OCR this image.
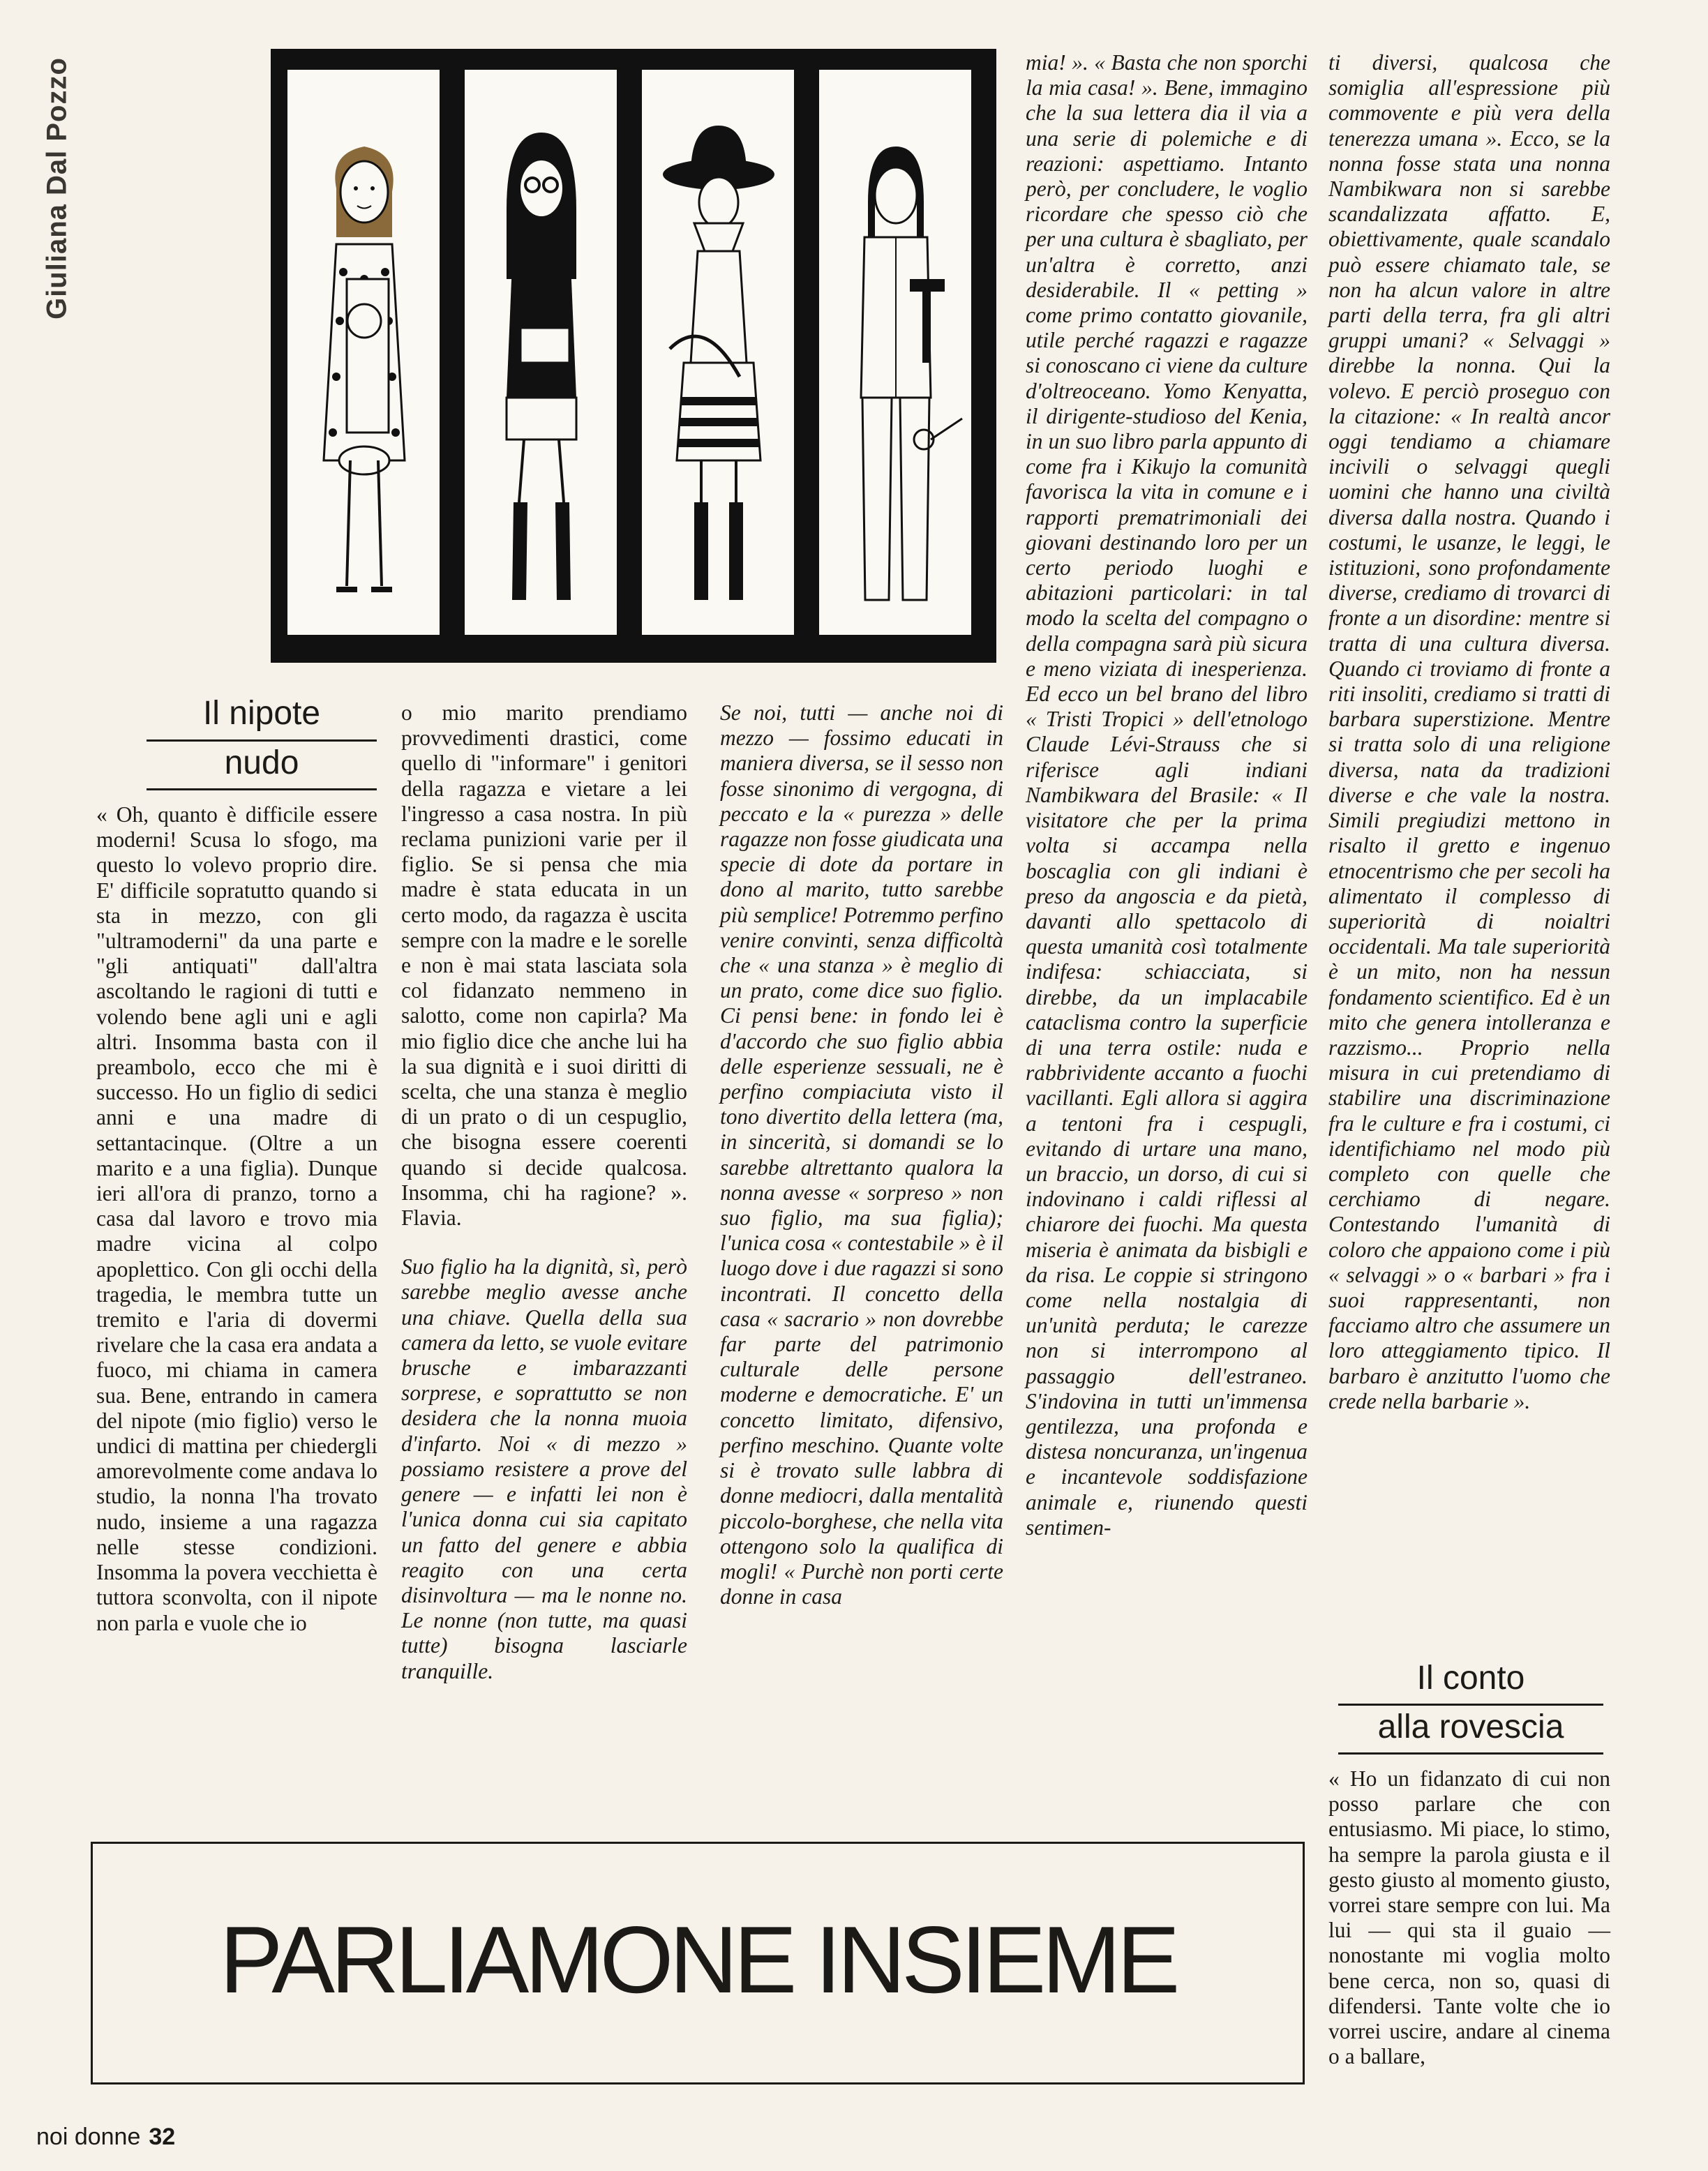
Giuliana Dal Pozzo
Il nipote
nudo

« Oh, quanto è difficile essere moderni! Scusa lo sfogo, ma questo lo volevo proprio dire. E' difficile sopratutto quando si sta in mezzo, con gli "ultramoderni" da una parte e "gli antiquati" dall'altra ascoltando le ragioni di tutti e volendo bene agli uni e agli altri. Insomma basta con il preambolo, ecco che mi è successo. Ho un figlio di sedici anni e una madre di settantacinque. (Oltre a un marito e a una figlia). Dunque ieri all'ora di pranzo, torno a casa dal lavoro e trovo mia madre vicina al colpo apoplettico. Con gli occhi della tragedia, le membra tutte un tremito e l'aria di dovermi rivelare che la casa era andata a fuoco, mi chiama in camera sua. Bene, entrando in camera del nipote (mio figlio) verso le undici di mattina per chiedergli amorevolmente come andava lo studio, la nonna l'ha trovato nudo, insieme a una ragazza nelle stesse condizioni. Insomma la povera vecchietta è tuttora sconvolta, con il nipote non parla e vuole che io

o mio marito prendiamo provvedimenti drastici, come quello di "informare" i genitori della ragazza e vietare a lei l'ingresso a casa nostra. In più reclama punizioni varie per il figlio. Se si pensa che mia madre è stata educata in un certo modo, da ragazza è uscita sempre con la madre e le sorelle e non è mai stata lasciata sola col fidanzato nemmeno in salotto, come non capirla? Ma mio figlio dice che anche lui ha la sua dignità e i suoi diritti di scelta, che una stanza è meglio di un prato o di un cespuglio, che bisogna essere coerenti quando si decide qualcosa. Insomma, chi ha ragione? ». Flavia.

Suo figlio ha la dignità, sì, però sarebbe meglio avesse anche una chiave. Quella della sua camera da letto, se vuole evitare brusche e imbarazzanti sorprese, e soprattutto se non desidera che la nonna muoia d'infarto. Noi « di mezzo » possiamo resistere a prove del genere — e infatti lei non è l'unica donna cui sia capitato un fatto del genere e abbia reagito con una certa disinvoltura — ma le nonne no. Le nonne (non tutte, ma quasi tutte) bisogna lasciarle tranquille.

Se noi, tutti — anche noi di mezzo — fossimo educati in maniera diversa, se il sesso non fosse sinonimo di vergogna, di peccato e la « purezza » delle ragazze non fosse giudicata una specie di dote da portare in dono al marito, tutto sarebbe più semplice! Potremmo perfino venire convinti, senza difficoltà che « una stanza » è meglio di un prato, come dice suo figlio. Ci pensi bene: in fondo lei è d'accordo che suo figlio abbia delle esperienze sessuali, ne è perfino compiaciuta visto il tono divertito della lettera (ma, in sincerità, si domandi se lo sarebbe altrettanto qualora la nonna avesse « sorpreso » non suo figlio, ma sua figlia); l'unica cosa « contestabile » è il luogo dove i due ragazzi si sono incontrati. Il concetto della casa « sacrario » non dovrebbe far parte del patrimonio culturale delle persone moderne e democratiche. E' un concetto limitato, difensivo, perfino meschino. Quante volte si è trovato sulle labbra di donne mediocri, dalla mentalità piccolo-borghese, che nella vita ottengono solo la qualifica di mogli! « Purchè non porti certe donne in casa

mia! ». « Basta che non sporchi la mia casa! ». Bene, immagino che la sua lettera dia il via a una serie di polemiche e di reazioni: aspettiamo. Intanto però, per concludere, le voglio ricordare che spesso ciò che per una cultura è sbagliato, per un'altra è corretto, anzi desiderabile. Il « petting » come primo contatto giovanile, utile perché ragazzi e ragazze si conoscano ci viene da culture d'oltreoceano. Yomo Kenyatta, il dirigente-studioso del Kenia, in un suo libro parla appunto di come fra i Kikujo la comunità favorisca la vita in comune e i rapporti prematrimoniali dei giovani destinando loro per un certo periodo luoghi e abitazioni particolari: in tal modo la scelta del compagno o della compagna sarà più sicura e meno viziata di inesperienza. Ed ecco un bel brano del libro « Tristi Tropici » dell'etnologo Claude Lévi-Strauss che si riferisce agli indiani Nambikwara del Brasile: « Il visitatore che per la prima volta si accampa nella boscaglia con gli indiani è preso da angoscia e da pietà, davanti allo spettacolo di questa umanità così totalmente indifesa: schiacciata, si direbbe, da un implacabile cataclisma contro la superficie di una terra ostile: nuda e rabbrividente accanto a fuochi vacillanti. Egli allora si aggira a tentoni fra i cespugli, evitando di urtare una mano, un braccio, un dorso, di cui si indovinano i caldi riflessi al chiarore dei fuochi. Ma questa miseria è animata da bisbigli e da risa. Le coppie si stringono come nella nostalgia di un'unità perduta; le carezze non si interrompono al passaggio dell'estraneo. S'indovina in tutti un'immensa gentilezza, una profonda e distesa noncuranza, un'ingenua e incantevole soddisfazione animale e, riunendo questi sentimen-

ti diversi, qualcosa che somiglia all'espressione più commovente e più vera della tenerezza umana ». Ecco, se la nonna fosse stata una nonna Nambikwara non si sarebbe scandalizzata affatto. E, obiettivamente, quale scandalo può essere chiamato tale, se non ha alcun valore in altre parti della terra, fra gli altri gruppi umani? « Selvaggi » direbbe la nonna. Qui la volevo. E perciò proseguo con la citazione: « In realtà ancor oggi tendiamo a chiamare incivili o selvaggi quegli uomini che hanno una civiltà diversa dalla nostra. Quando i costumi, le usanze, le leggi, le istituzioni, sono profondamente diverse, crediamo di trovarci di fronte a un disordine: mentre si tratta di una cultura diversa. Quando ci troviamo di fronte a riti insoliti, crediamo si tratti di barbara superstizione. Mentre si tratta solo di una religione diversa, nata da tradizioni diverse e che vale la nostra. Simili pregiudizi mettono in risalto il gretto e ingenuo etnocentrismo che per secoli ha alimentato il complesso di superiorità di noialtri occidentali. Ma tale superiorità è un mito, non ha nessun fondamento scientifico. Ed è un mito che genera intolleranza e razzismo... Proprio nella misura in cui pretendiamo di stabilire una discriminazione fra le culture e fra i costumi, ci identifichiamo nel modo più completo con quelle che cerchiamo di negare. Contestando l'umanità di coloro che appaiono come i più « selvaggi » o « barbari » fra i suoi rappresentanti, non facciamo altro che assumere un loro atteggiamento tipico. Il barbaro è anzitutto l'uomo che crede nella barbarie ».

Il conto
alla rovescia

« Ho un fidanzato di cui non posso parlare che con entusiasmo. Mi piace, lo stimo, ha sempre la parola giusta e il gesto giusto al momento giusto, vorrei stare sempre con lui. Ma lui — qui sta il guaio — nonostante mi voglia molto bene cerca, non so, quasi di difendersi. Tante volte che io vorrei uscire, andare al cinema o a ballare,

PARLIAMONE INSIEME
noi donne 32
